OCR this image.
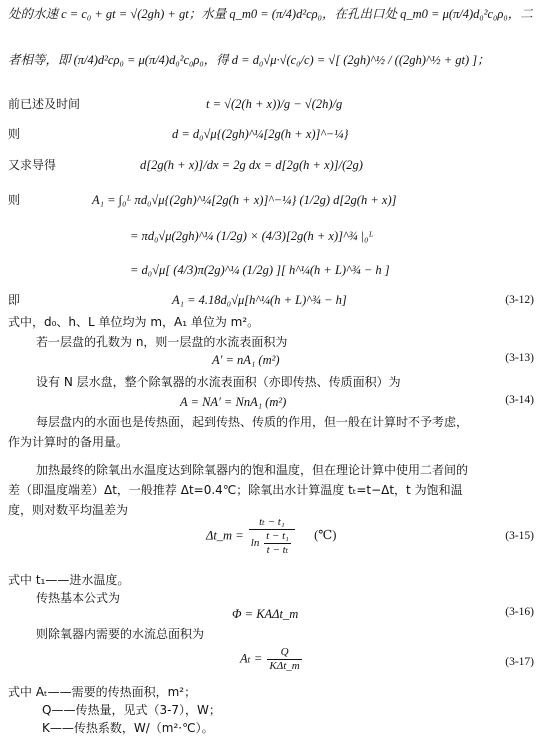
处的水速 c = c₀ + gt = √(2gh) + gt；水量 q_m0 = (π/4)d²cρ₀，在孔出口处 q_m0 = μ(π/4)d₀²c₀ρ₀，二
者相等，即 (π/4)d²cρ₀ = μ(π/4)d₀²c₀ρ₀，得 d = d₀√μ·√(c₀/c) = √[ (2gh)^½ / ((2gh)^½ + gt) ]；
前已述及时间	t = √(2(h + x))/g − √(2h)/g
则	d = d₀√μ{(2gh)^¼[2g(h + x)]^−¼}
又求导得	d[2g(h + x)]/dx = 2g dx = d[2g(h + x)]/(2g)
则	A₁ = ∫₀ᴸ πd₀√μ{(2gh)^¼[2g(h + x)]^−¼} (1/2g) d[2g(h + x)]
= πd₀√μ(2gh)^¼ (1/2g) × (4/3)[2g(h + x)]^¾ |₀ᴸ
= d₀√μ[ (4/3)π(2g)^¼ (1/2g) ][ h^¼(h + L)^¾ − h ]
即	A₁ = 4.18d₀√μ[h^¼(h + L)^¾ − h]	(3-12)
式中，d₀、h、L 单位均为 m，A₁ 单位为 m²。
若一层盘的孔数为 n，则一层盘的水流表面积为
A′ = nA₁ (m²)	(3-13)
设有 N 层水盘，整个除氧器的水流表面积（亦即传热、传质面积）为
A = NA′ = NnA₁ (m²)	(3-14)
每层盘内的水面也是传热面，起到传热、传质的作用，但一般在计算时不予考虑，
作为计算时的备用量。
加热最终的除氧出水温度达到除氧器内的饱和温度，但在理论计算中使用二者间的
差（即温度端差）Δt，一般推荐 Δt=0.4℃；除氧出水计算温度 tₜ=t−Δt，t 为饱和温
度，则对数平均温差为
Δt_m = $\frac{\text{tₜ − t₁}}{\ln \frac{\text{t − t₁}}{\text{t − tₜ}}}$ (℃)	(3-15)
式中 t₁——进水温度。
传热基本公式为
Φ = KAΔt_m	(3-16)
则除氧器内需要的水流总面积为
$A_t = \frac{Q}{\text{KΔt\_m}}$	(3-17)
式中 Aₜ——需要的传热面积，m²；
Q——传热量，见式（3-7），W；
K——传热系数，W/（m²·℃）。
